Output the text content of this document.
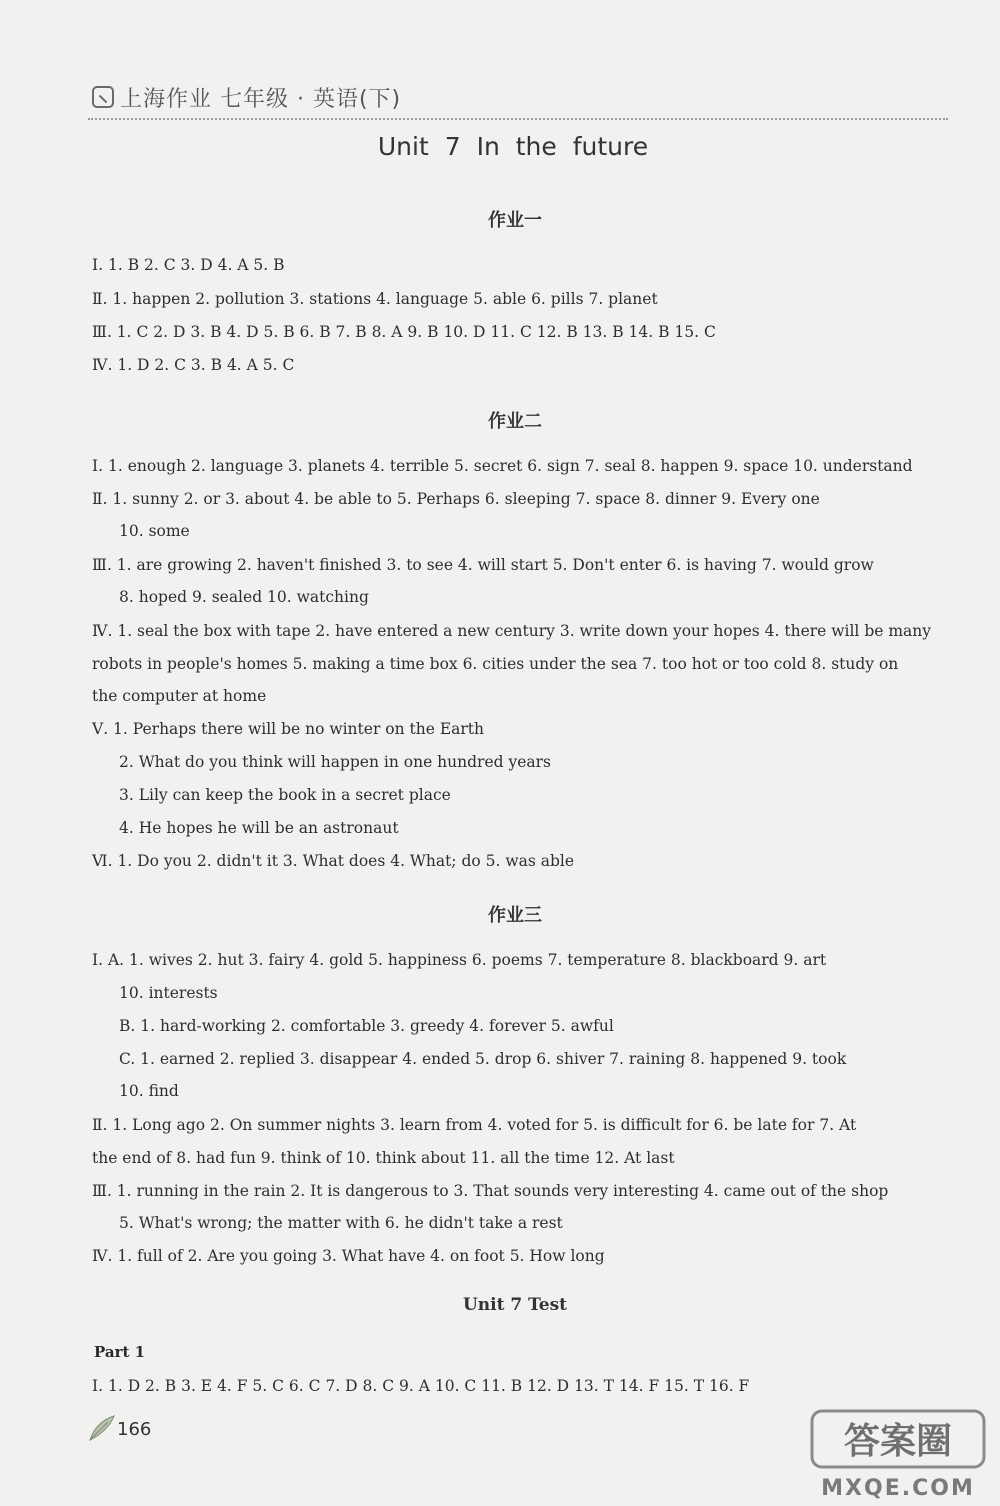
上海作业 七年级 · 英语(下)
Unit 7 In the future
作业一
Ⅰ. 1. B 2. C 3. D 4. A 5. B
Ⅱ. 1. happen 2. pollution 3. stations 4. language 5. able 6. pills 7. planet
Ⅲ. 1. C 2. D 3. B 4. D 5. B 6. B 7. B 8. A 9. B 10. D 11. C 12. B 13. B 14. B 15. C
Ⅳ. 1. D 2. C 3. B 4. A 5. C
作业二
Ⅰ. 1. enough 2. language 3. planets 4. terrible 5. secret 6. sign 7. seal 8. happen 9. space 10. understand
Ⅱ. 1. sunny 2. or 3. about 4. be able to 5. Perhaps 6. sleeping 7. space 8. dinner 9. Every one
10. some
Ⅲ. 1. are growing 2. haven't finished 3. to see 4. will start 5. Don't enter 6. is having 7. would grow
8. hoped 9. sealed 10. watching
Ⅳ. 1. seal the box with tape 2. have entered a new century 3. write down your hopes 4. there will be many
robots in people's homes 5. making a time box 6. cities under the sea 7. too hot or too cold 8. study on
the computer at home
Ⅴ. 1. Perhaps there will be no winter on the Earth
2. What do you think will happen in one hundred years
3. Lily can keep the book in a secret place
4. He hopes he will be an astronaut
Ⅵ. 1. Do you 2. didn't it 3. What does 4. What; do 5. was able
作业三
Ⅰ. A. 1. wives 2. hut 3. fairy 4. gold 5. happiness 6. poems 7. temperature 8. blackboard 9. art
10. interests
B. 1. hard-working 2. comfortable 3. greedy 4. forever 5. awful
C. 1. earned 2. replied 3. disappear 4. ended 5. drop 6. shiver 7. raining 8. happened 9. took
10. find
Ⅱ. 1. Long ago 2. On summer nights 3. learn from 4. voted for 5. is difficult for 6. be late for 7. At
the end of 8. had fun 9. think of 10. think about 11. all the time 12. At last
Ⅲ. 1. running in the rain 2. It is dangerous to 3. That sounds very interesting 4. came out of the shop
5. What's wrong; the matter with 6. he didn't take a rest
Ⅳ. 1. full of 2. Are you going 3. What have 4. on foot 5. How long
Unit 7 Test
Part 1
Ⅰ. 1. D 2. B 3. E 4. F 5. C 6. C 7. D 8. C 9. A 10. C 11. B 12. D 13. T 14. F 15. T 16. F
166	答案圈
MXQE.COM
